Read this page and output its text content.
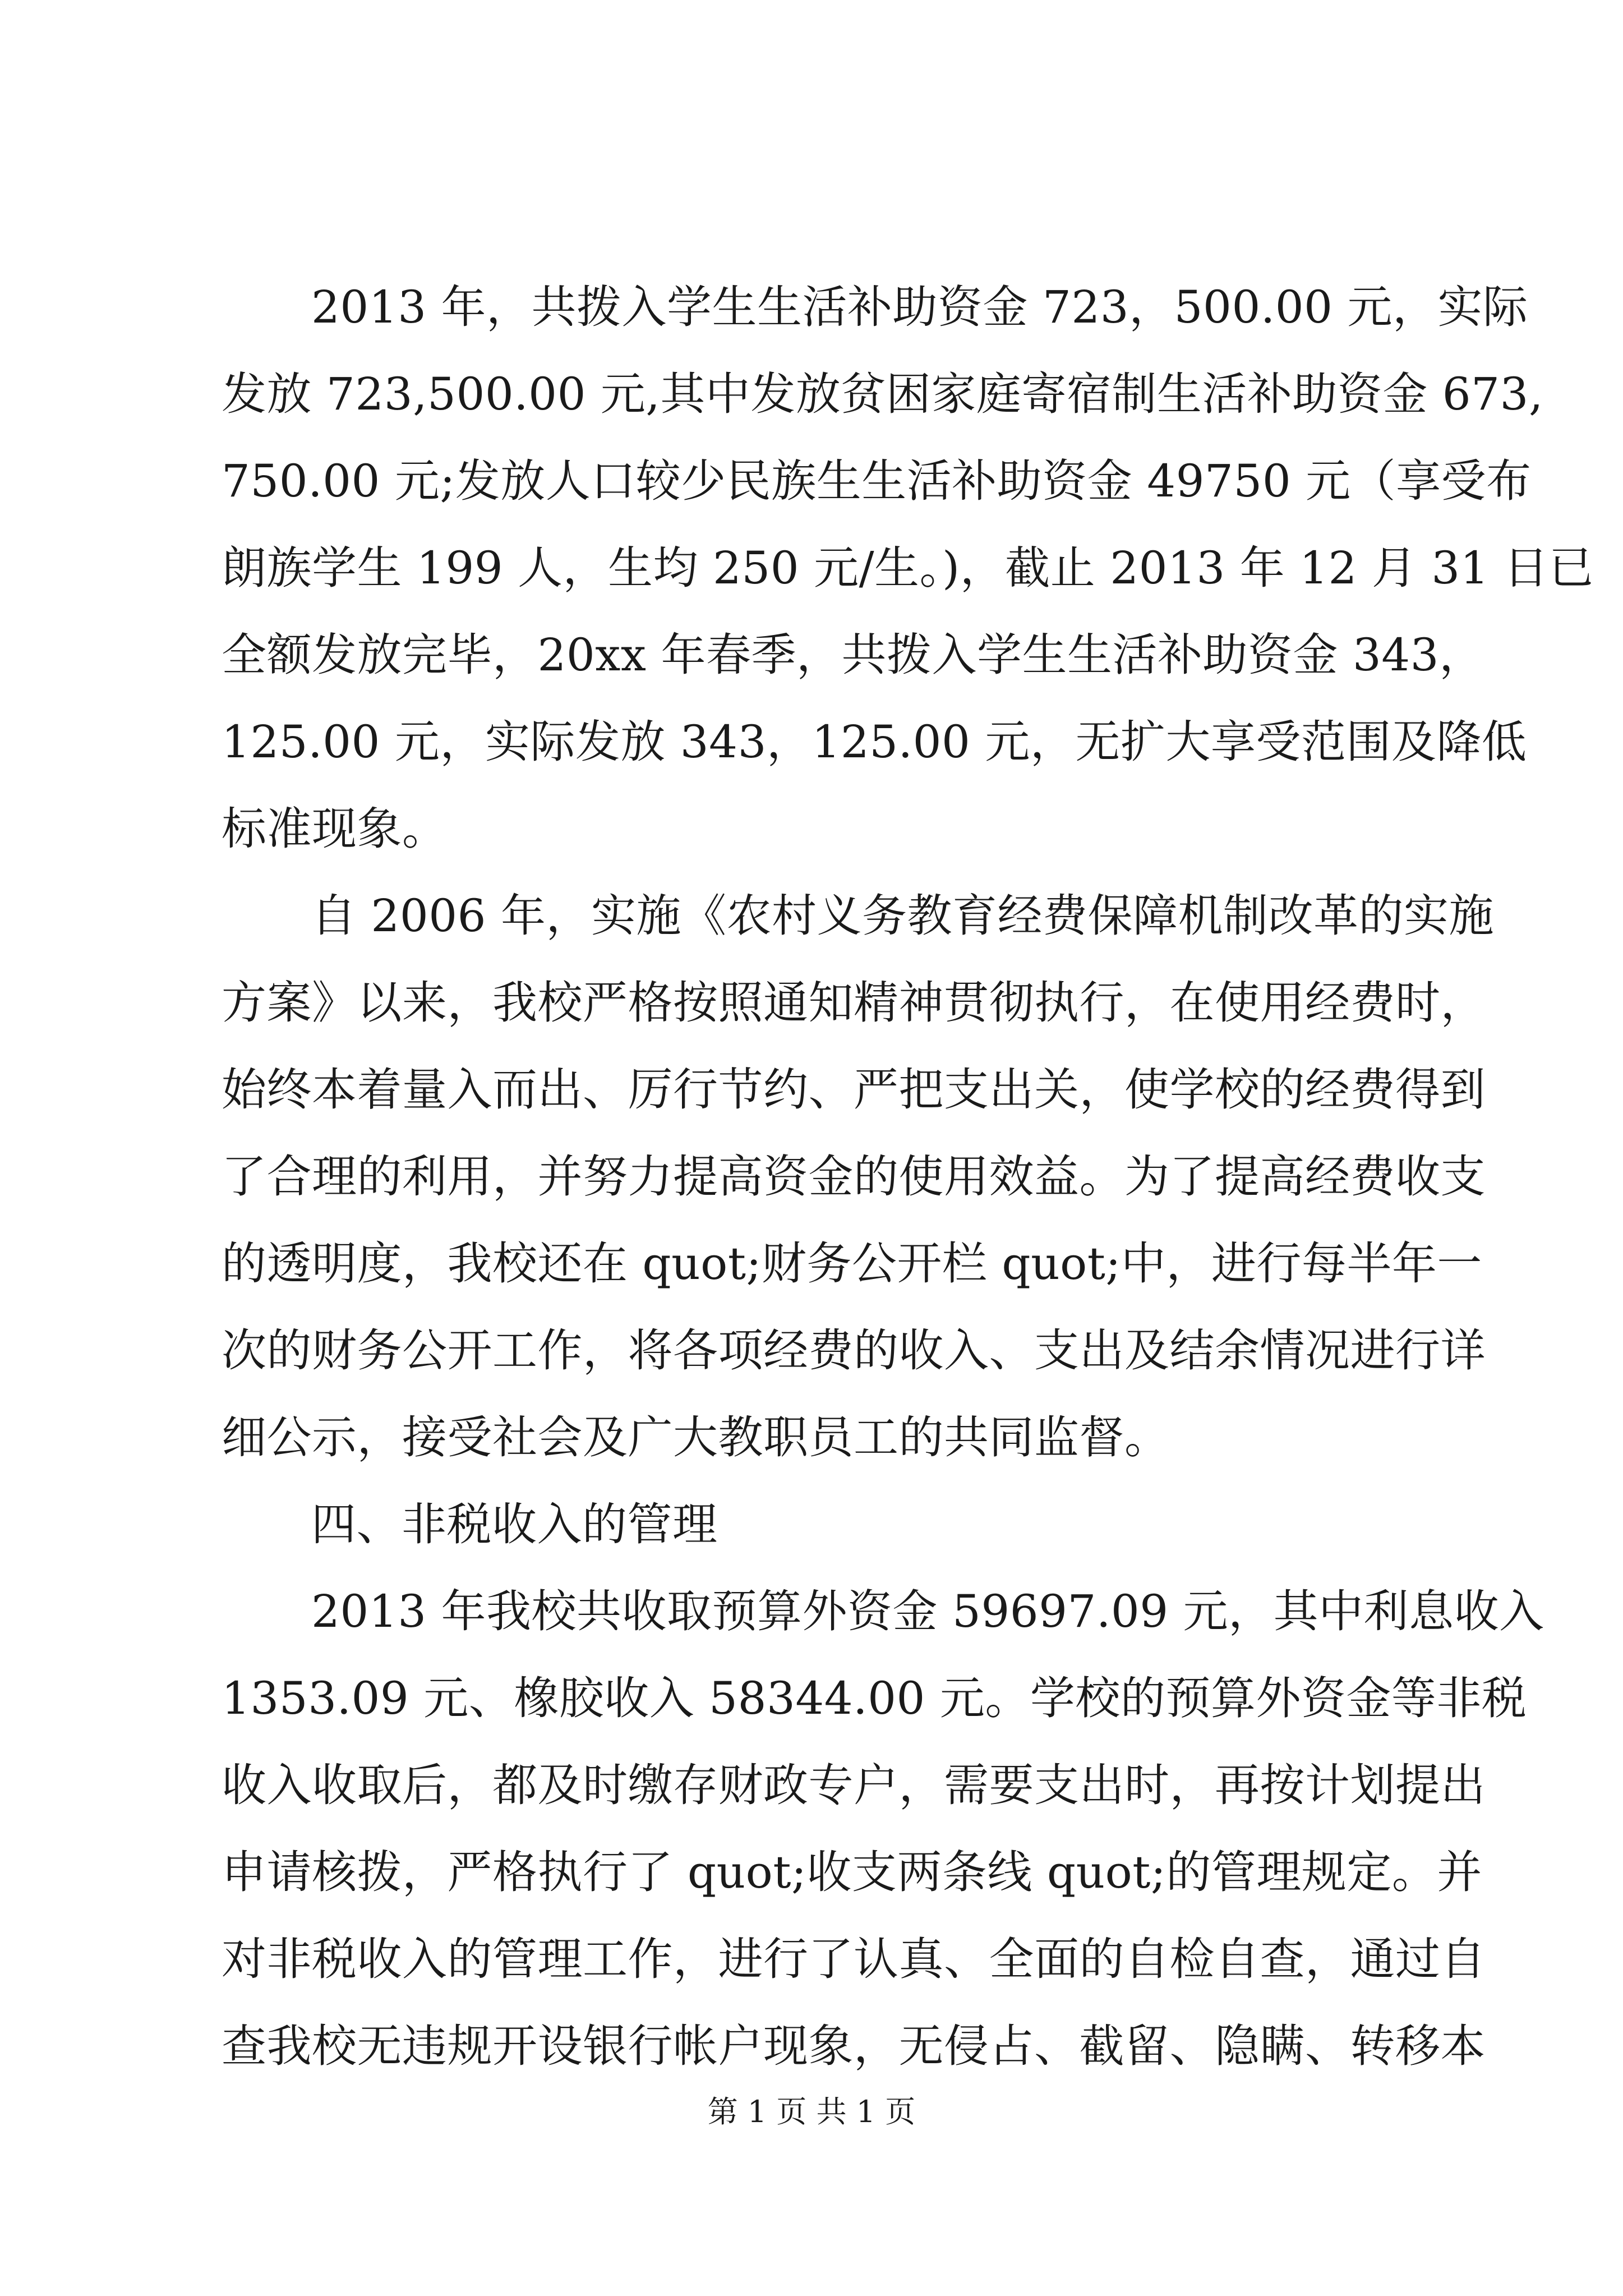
2013 年，共拨入学生生活补助资金 723，500.00 元，实际
发放 723,500.00 元,其中发放贫困家庭寄宿制生活补助资金 673,
750.00 元;发放人口较少民族生生活补助资金 49750 元（享受布
朗族学生 199 人，生均 250 元/生。)，截止 2013 年 12 月 31 日已
全额发放完毕，20xx 年春季，共拨入学生生活补助资金 343，
125.00 元，实际发放 343，125.00 元，无扩大享受范围及降低
标准现象。
自 2006 年，实施《农村义务教育经费保障机制改革的实施
方案》以来，我校严格按照通知精神贯彻执行，在使用经费时，
始终本着量入而出、厉行节约、严把支出关，使学校的经费得到
了合理的利用，并努力提高资金的使用效益。为了提高经费收支
的透明度，我校还在 quot;财务公开栏 quot;中，进行每半年一
次的财务公开工作，将各项经费的收入、支出及结余情况进行详
细公示，接受社会及广大教职员工的共同监督。
四、非税收入的管理
2013 年我校共收取预算外资金 59697.09 元，其中利息收入
1353.09 元、橡胶收入 58344.00 元。学校的预算外资金等非税
收入收取后，都及时缴存财政专户，需要支出时，再按计划提出
申请核拨，严格执行了 quot;收支两条线 quot;的管理规定。并
对非税收入的管理工作，进行了认真、全面的自检自查，通过自
查我校无违规开设银行帐户现象，无侵占、截留、隐瞒、转移本
第 1 页 共 1 页
